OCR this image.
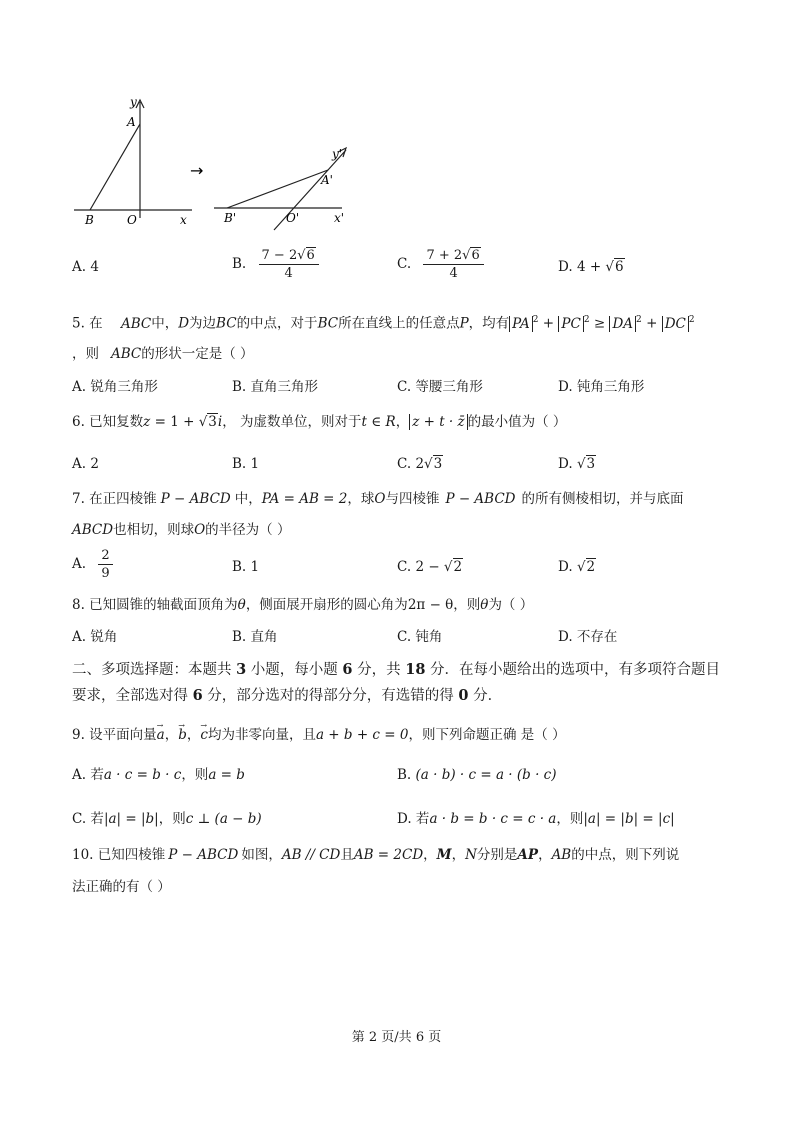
y
A
B	O	x
→
y'
A'
B'	O'	x'
A. 4	B. $\frac{7 - 2√6}{4}$	C. $\frac{7 + 2√6}{4}$	D. 4 + √6
5. 在 ABC中，D为边BC的中点，对于BC所在直线上的任意点P，均有 PA $^2$ + PC $^2$ ≥ DA $^2$ + DC $^2$
，则 ABC的形状一定是（ ）
A. 锐角三角形	B. 直角三角形	C. 等腰三角形	D. 钝角三角形
6. 已知复数z = 1 + √3i， 为虚数单位，则对于t ∈ R， z + t · z̄ 的最小值为（ ）
A. 2	B. 1	C. 2√3	D. √3
7. 在正四棱锥 P − ABCD 中，PA = AB = 2，球O与四棱锥 P − ABCD 的所有侧棱相切，并与底面
ABCD也相切，则球O的半径为（ ）
A. $\frac{2}{9}$	B. 1	C. 2 − √2	D. √2
8. 已知圆锥的轴截面顶角为θ，侧面展开扇形的圆心角为2π − θ，则θ为（ ）
A. 锐角	B. 直角	C. 钝角	D. 不存在
二、多项选择题：本题共 3 小题，每小题 6 分，共 18 分．在每小题给出的选项中，有多项符合题目要求，全部选对得 6 分，部分选对的得部分分，有选错的得 0 分．
9. 设平面向量→ a，→ b，→ c均为非零向量，且a + b + c = 0，则下列命题正确 是（ ）
A. 若a · c = b · c，则a = b	B. (a · b) · c = a · (b · c)
C. 若|a| = |b|，则c ⊥ (a − b)	D. 若a · b = b · c = c · a，则|a| = |b| = |c|
10. 已知四棱锥 P − ABCD 如图，AB // CD且AB = 2CD，M，N分别是AP，AB的中点，则下列说
法正确的有（ ）
第 2 页/共 6 页
